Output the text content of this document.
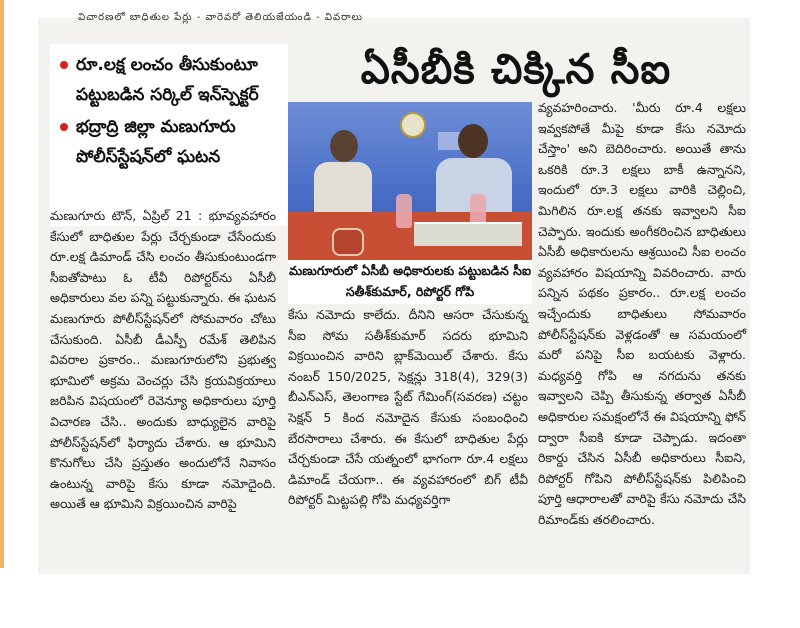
విచారణలో బాధితుల పేర్లు - వారెవరో తెలియజేయండి - వివరాలు
రూ.లక్ష లంచం తీసుకుంటూ పట్టుబడిన సర్కిల్ ఇన్‌స్పెక్టర్
భద్రాద్రి జిల్లా మణుగూరు పోలీస్‌స్టేషన్‌లో ఘటన
ఏసీబీకి చిక్కిన సీఐ
మణుగూరు టౌన్, ఏప్రిల్ 21 : భూవ్యవహారం కేసులో బాధితుల పేర్లు చేర్చకుండా చేసేందుకు రూ.లక్ష డిమాండ్ చేసి లంచం తీసుకుంటుండగా సీఐతోపాటు ఓ టీవీ రిపోర్టర్‌ను ఏసీబీ అధికారులు వల పన్ని పట్టుకున్నారు. ఈ ఘటన మణుగూరు పోలీస్‌స్టేషన్‌లో సోమవారం చోటు చేసుకుంది. ఏసీబీ డీఎస్పీ రమేశ్ తెలిపిన వివరాల ప్రకారం.. మణుగూరులోని ప్రభుత్వ భూమిలో అక్రమ వెంచర్లు చేసి క్రయవిక్రయాలు జరిపిన విషయంలో రెవెన్యూ అధికారులు పూర్తి విచారణ చేసి.. అందుకు బాధ్యులైన వారిపై పోలీస్‌స్టేషన్‌లో ఫిర్యాదు చేశారు. ఆ భూమిని కొనుగోలు చేసి ప్రస్తుతం అందులోనే నివాసం ఉంటున్న వారిపై కేసు కూడా నమోదైంది. అయితే ఆ భూమిని విక్రయించిన వారిపై
మణుగూరులో ఏసీబీ అధికారులకు పట్టుబడిన సీఐ సతీశ్‌కుమార్, రిపోర్టర్ గోపి
కేసు నమోదు కాలేదు. దీనిని ఆసరా చేసుకున్న సీఐ సోమ సతీశ్‌కుమార్ సదరు భూమిని విక్రయించిన వారిని బ్లాక్‌మెయిల్ చేశారు. కేసు నంబర్ 150/2025, సెక్షన్లు 318(4), 329(3) బీఎన్ఎస్, తెలంగాణ స్టేట్ గేమింగ్(సవరణ) చట్టం సెక్షన్ 5 కింద నమోదైన కేసుకు సంబంధించి బేరసారాలు చేశారు. ఈ కేసులో బాధితుల పేర్లు చేర్చకుండా చేసే యత్నంలో భాగంగా రూ.4 లక్షలు డిమాండ్ చేయగా.. ఈ వ్యవహారంలో బిగ్ టీవీ రిపోర్టర్ మిట్టపల్లి గోపి మధ్యవర్తిగా
వ్యవహరించారు. 'మీరు రూ.4 లక్షలు ఇవ్వకపోతే మీపై కూడా కేసు నమోదు చేస్తాం' అని బెదిరించారు. అయితే తాను ఒకరికి రూ.3 లక్షలు బాకీ ఉన్నానని, ఇందులో రూ.3 లక్షలు వారికి చెల్లించి, మిగిలిన రూ.లక్ష తనకు ఇవ్వాలని సీఐ చెప్పారు. ఇందుకు అంగీకరించిన బాధితులు ఏసీబీ అధికారులను ఆశ్రయించి సీఐ లంచం వ్యవహారం విషయాన్ని వివరించారు. వారు పన్నిన పథకం ప్రకారం.. రూ.లక్ష లంచం ఇచ్చేందుకు బాధితులు సోమవారం పోలీస్‌స్టేషన్‌కు వెళ్లడంతో ఆ సమయంలో మరో పనిపై సీఐ బయటకు వెళ్లారు. మధ్యవర్తి గోపి ఆ నగదును తనకు ఇవ్వాలని చెప్పి తీసుకున్న తర్వాత ఏసీబీ అధికారుల సమక్షంలోనే ఈ విషయాన్ని ఫోన్ ద్వారా సీఐకి కూడా చెప్పాడు. ఇదంతా రికార్డు చేసిన ఏసీబీ అధికారులు సీఐని, రిపోర్టర్ గోపిని పోలీస్‌స్టేషన్‌కు పిలిపించి పూర్తి ఆధారాలతో వారిపై కేసు నమోదు చేసి రిమాండ్‌కు తరలించారు.
